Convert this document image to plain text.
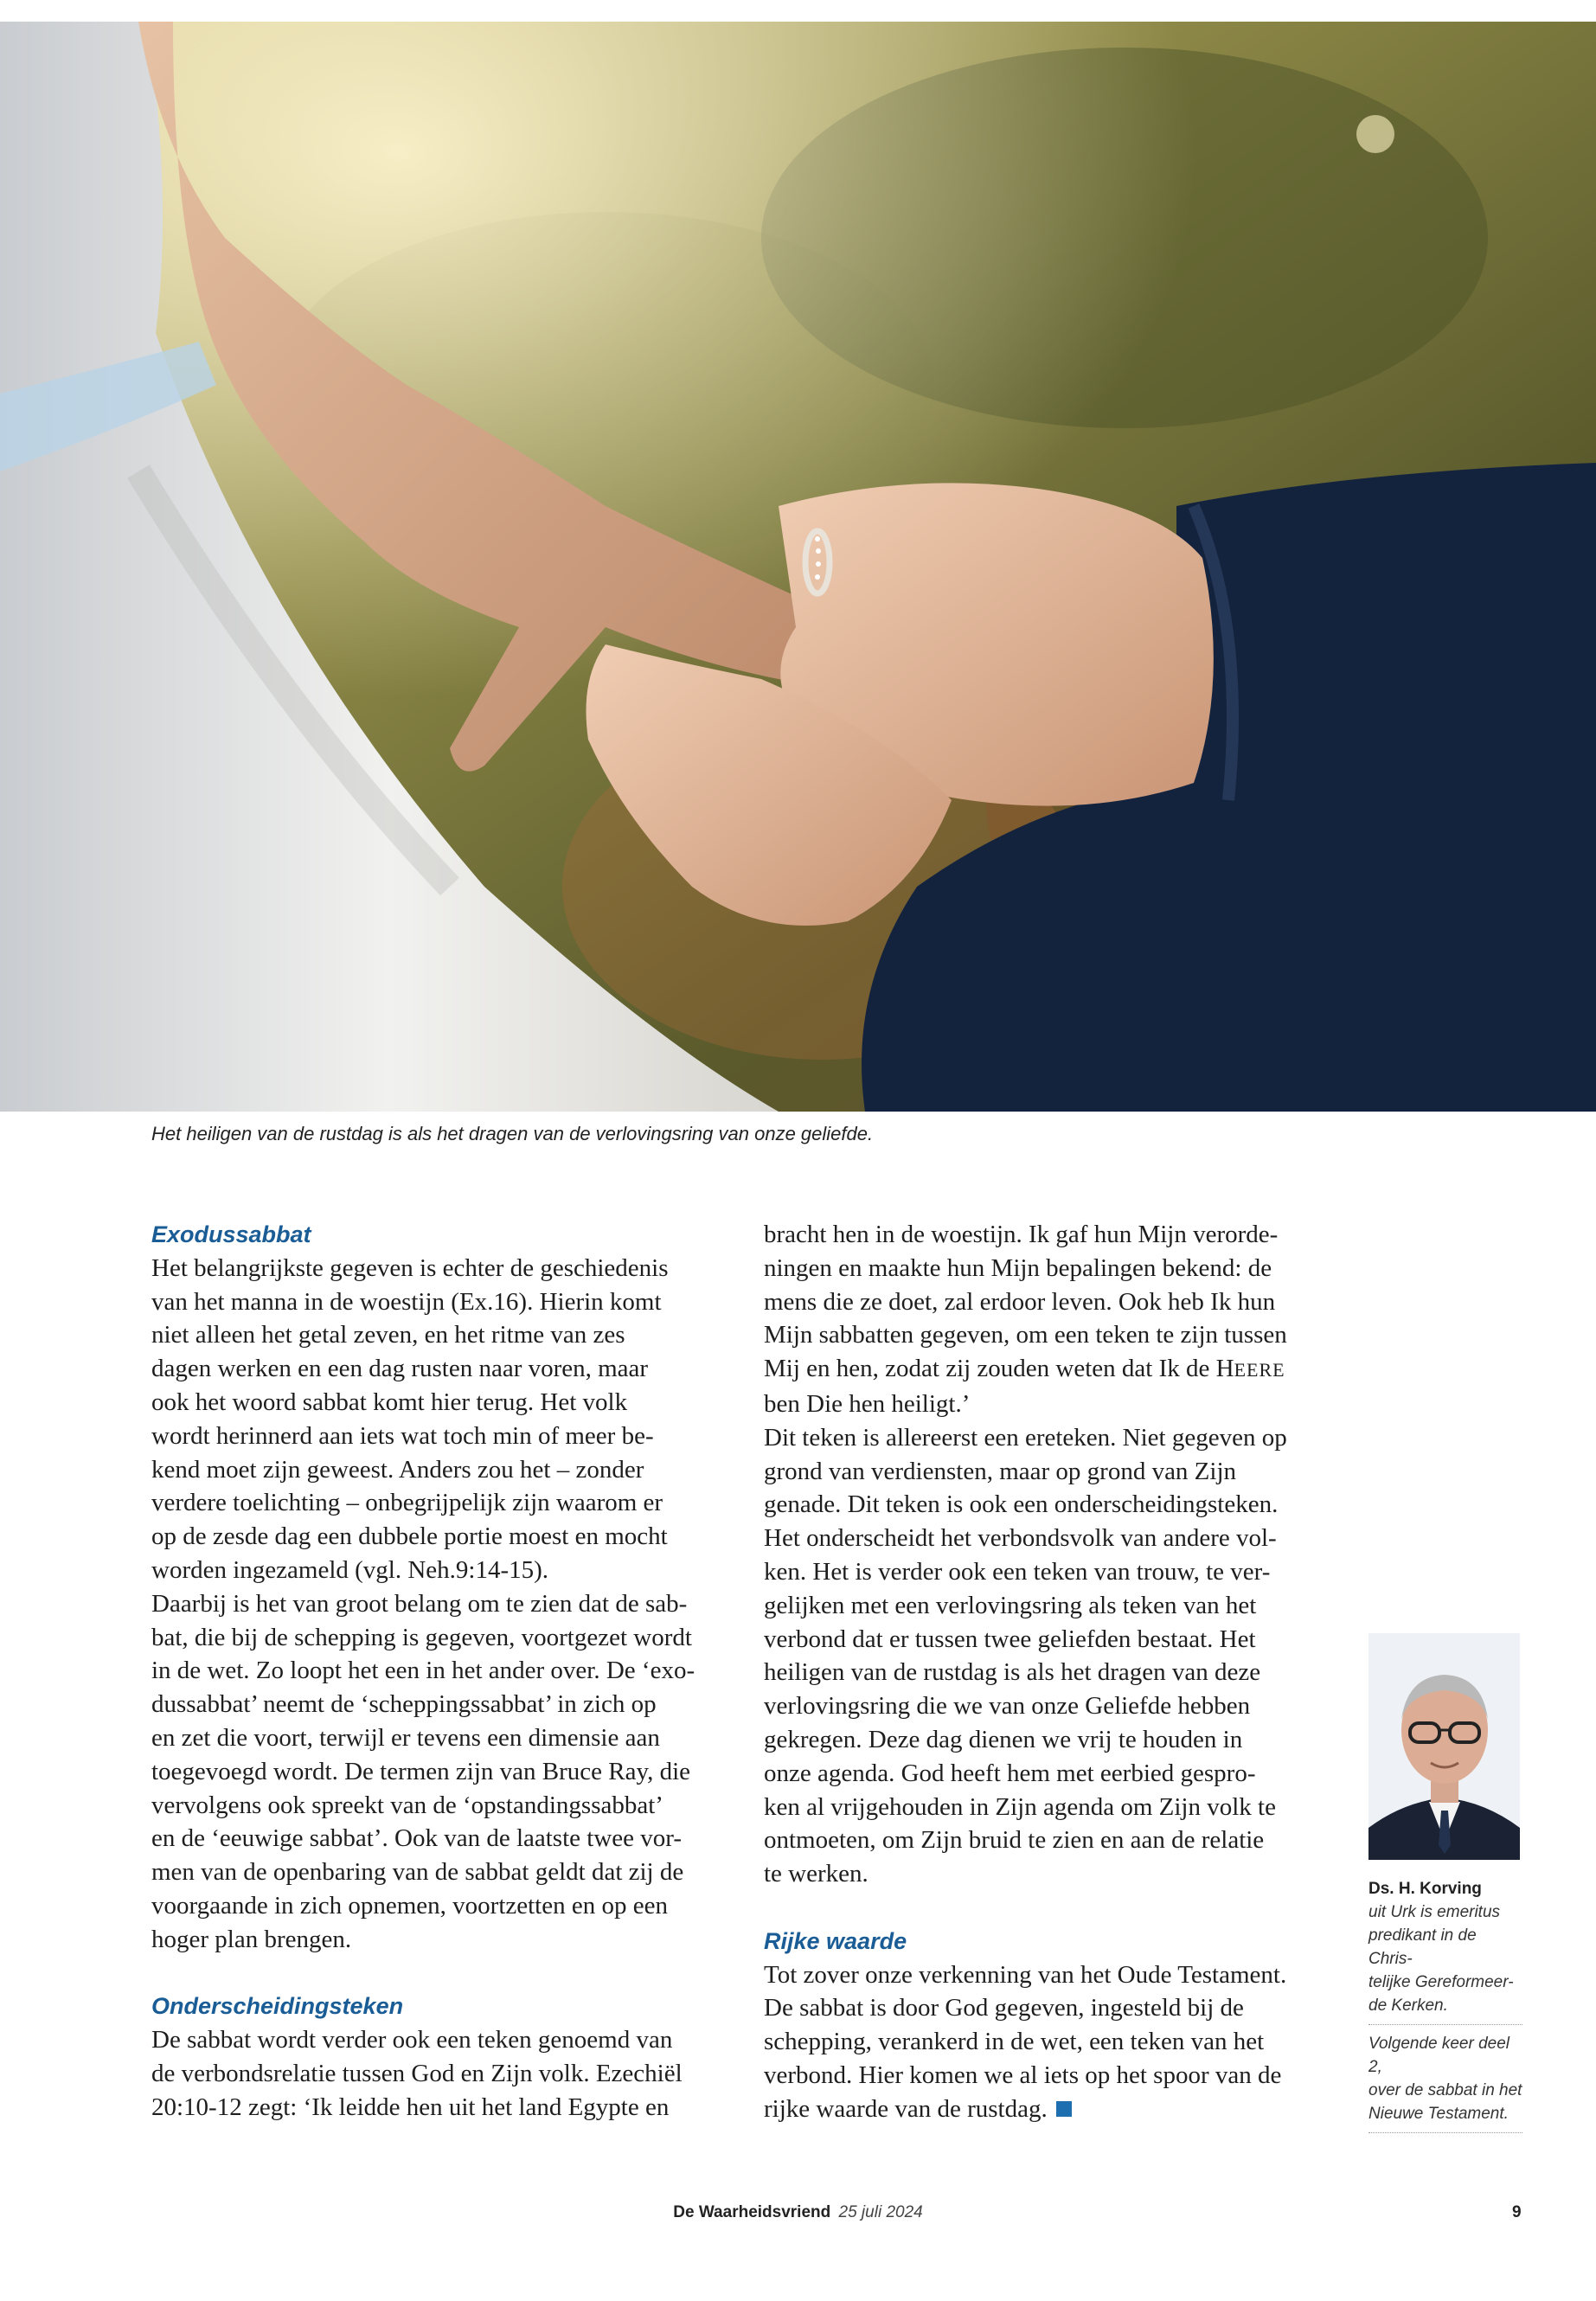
Het heiligen van de rustdag is als het dragen van de verlovingsring van onze geliefde.
Exodussabbat

Het belangrijkste gegeven is echter de geschiedenis
van het manna in de woestijn (Ex.16). Hierin komt
niet alleen het getal zeven, en het ritme van zes
dagen werken en een dag rusten naar voren, maar
ook het woord sabbat komt hier terug. Het volk
wordt herinnerd aan iets wat toch min of meer be-
kend moet zijn geweest. Anders zou het – zonder
verdere toelichting – onbegrijpelijk zijn waarom er
op de zesde dag een dubbele portie moest en mocht
worden ingezameld (vgl. Neh.9:14-15).

Daarbij is het van groot belang om te zien dat de sab-
bat, die bij de schepping is gegeven, voortgezet wordt
in de wet. Zo loopt het een in het ander over. De ‘exo-
dussabbat’ neemt de ‘scheppingssabbat’ in zich op
en zet die voort, terwijl er tevens een dimensie aan
toegevoegd wordt. De termen zijn van Bruce Ray, die
vervolgens ook spreekt van de ‘opstandingssabbat’
en de ‘eeuwige sabbat’. Ook van de laatste twee vor-
men van de openbaring van de sabbat geldt dat zij de
voorgaande in zich opnemen, voortzetten en op een
hoger plan brengen.

Onderscheidingsteken

De sabbat wordt verder ook een teken genoemd van
de verbondsrelatie tussen God en Zijn volk. Ezechiël
20:10-12 zegt: ‘Ik leidde hen uit het land Egypte en

bracht hen in de woestijn. Ik gaf hun Mijn verorde-
ningen en maakte hun Mijn bepalingen bekend: de
mens die ze doet, zal erdoor leven. Ook heb Ik hun
Mijn sabbatten gegeven, om een teken te zijn tussen
Mij en hen, zodat zij zouden weten dat Ik de HEERE
ben Die hen heiligt.’

Dit teken is allereerst een ereteken. Niet gegeven op
grond van verdiensten, maar op grond van Zijn
genade. Dit teken is ook een onderscheidingsteken.
Het onderscheidt het verbondsvolk van andere vol-
ken. Het is verder ook een teken van trouw, te ver-
gelijken met een verlovingsring als teken van het
verbond dat er tussen twee geliefden bestaat. Het
heiligen van de rustdag is als het dragen van deze
verlovingsring die we van onze Geliefde hebben
gekregen. Deze dag dienen we vrij te houden in
onze agenda. God heeft hem met eerbied gespro-
ken al vrijgehouden in Zijn agenda om Zijn volk te
ontmoeten, om Zijn bruid te zien en aan de relatie
te werken.

Rijke waarde

Tot zover onze verkenning van het Oude Testament.
De sabbat is door God gegeven, ingesteld bij de
schepping, verankerd in de wet, een teken van het
verbond. Hier komen we al iets op het spoor van de
rijke waarde van de rustdag.

Ds. H. Korving
uit Urk is emeritus
predikant in de Chris-
telijke Gereformeer-
de Kerken.
Volgende keer deel 2,
over de sabbat in het
Nieuwe Testament.
De Waarheidsvriend 25 juli 2024	9
